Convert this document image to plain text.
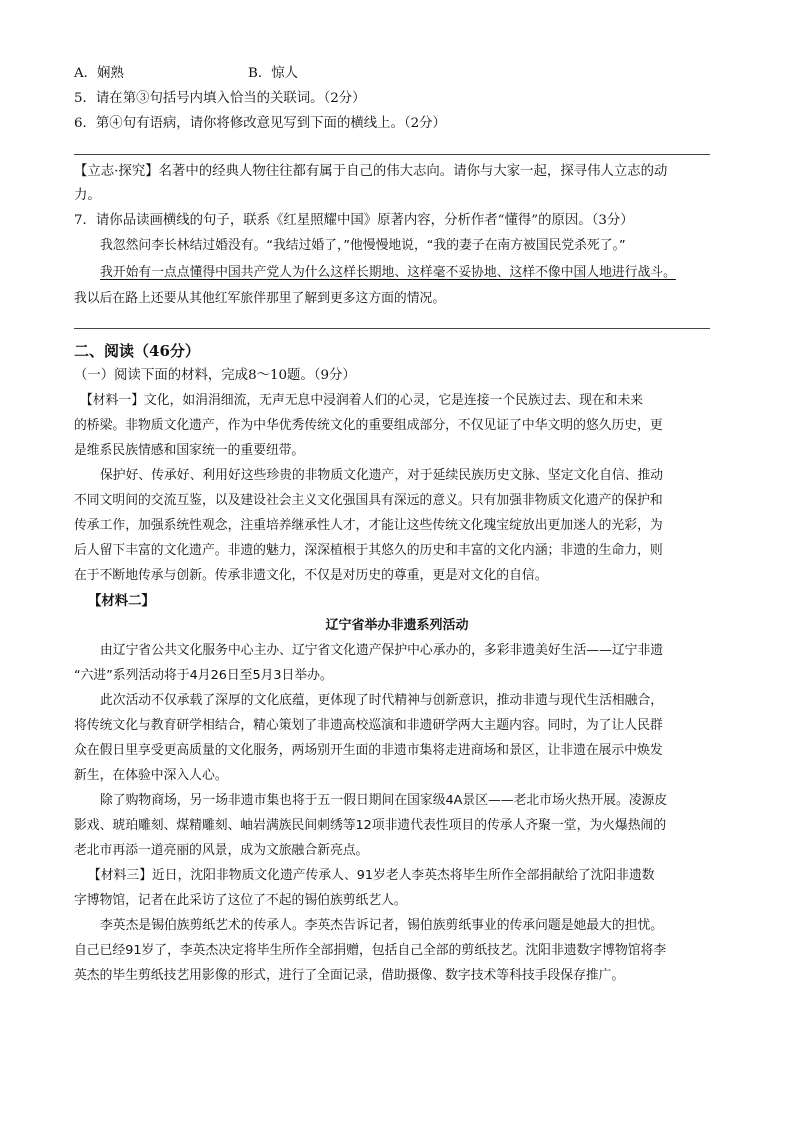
A．娴熟	B．惊人
5．请在第③句括号内填入恰当的关联词。（2分）
6．第④句有语病，请你将修改意见写到下面的横线上。（2分）
【立志·探究】名著中的经典人物往往都有属于自己的伟大志向。请你与大家一起，探寻伟人立志的动
力。
7．请你品读画横线的句子，联系《红星照耀中国》原著内容，分析作者“懂得”的原因。（3分）
我忽然问李长林结过婚没有。“我结过婚了，”他慢慢地说，“我的妻子在南方被国民党杀死了。”
我开始有一点点懂得中国共产党人为什么这样长期地、这样毫不妥协地、这样不像中国人地进行战斗。
我以后在路上还要从其他红军旅伴那里了解到更多这方面的情况。
二、阅读（46分）
（一）阅读下面的材料，完成8～10题。（9分）
【材料一】文化，如涓涓细流，无声无息中浸润着人们的心灵，它是连接一个民族过去、现在和未来
的桥梁。非物质文化遗产，作为中华优秀传统文化的重要组成部分，不仅见证了中华文明的悠久历史，更
是维系民族情感和国家统一的重要纽带。
保护好、传承好、利用好这些珍贵的非物质文化遗产，对于延续民族历史文脉、坚定文化自信、推动
不同文明间的交流互鉴，以及建设社会主义文化强国具有深远的意义。只有加强非物质文化遗产的保护和
传承工作，加强系统性观念，注重培养继承性人才，才能让这些传统文化瑰宝绽放出更加迷人的光彩，为
后人留下丰富的文化遗产。非遗的魅力，深深植根于其悠久的历史和丰富的文化内涵；非遗的生命力，则
在于不断地传承与创新。传承非遗文化，不仅是对历史的尊重，更是对文化的自信。
【材料二】
辽宁省举办非遗系列活动
由辽宁省公共文化服务中心主办、辽宁省文化遗产保护中心承办的，多彩非遗美好生活——辽宁非遗
“六进”系列活动将于4月26日至5月3日举办。
此次活动不仅承载了深厚的文化底蕴，更体现了时代精神与创新意识，推动非遗与现代生活相融合，
将传统文化与教育研学相结合，精心策划了非遗高校巡演和非遗研学两大主题内容。同时，为了让人民群
众在假日里享受更高质量的文化服务，两场别开生面的非遗市集将走进商场和景区，让非遗在展示中焕发
新生，在体验中深入人心。
除了购物商场，另一场非遗市集也将于五一假日期间在国家级4A景区——老北市场火热开展。凌源皮
影戏、琥珀雕刻、煤精雕刻、岫岩满族民间刺绣等12项非遗代表性项目的传承人齐聚一堂，为火爆热闹的
老北市再添一道亮丽的风景，成为文旅融合新亮点。
【材料三】近日，沈阳非物质文化遗产传承人、91岁老人李英杰将毕生所作全部捐献给了沈阳非遗数
字博物馆，记者在此采访了这位了不起的锡伯族剪纸艺人。
李英杰是锡伯族剪纸艺术的传承人。李英杰告诉记者，锡伯族剪纸事业的传承问题是她最大的担忧。
自己已经91岁了，李英杰决定将毕生所作全部捐赠，包括自己全部的剪纸技艺。沈阳非遗数字博物馆将李
英杰的毕生剪纸技艺用影像的形式，进行了全面记录，借助摄像、数字技术等科技手段保存推广。
